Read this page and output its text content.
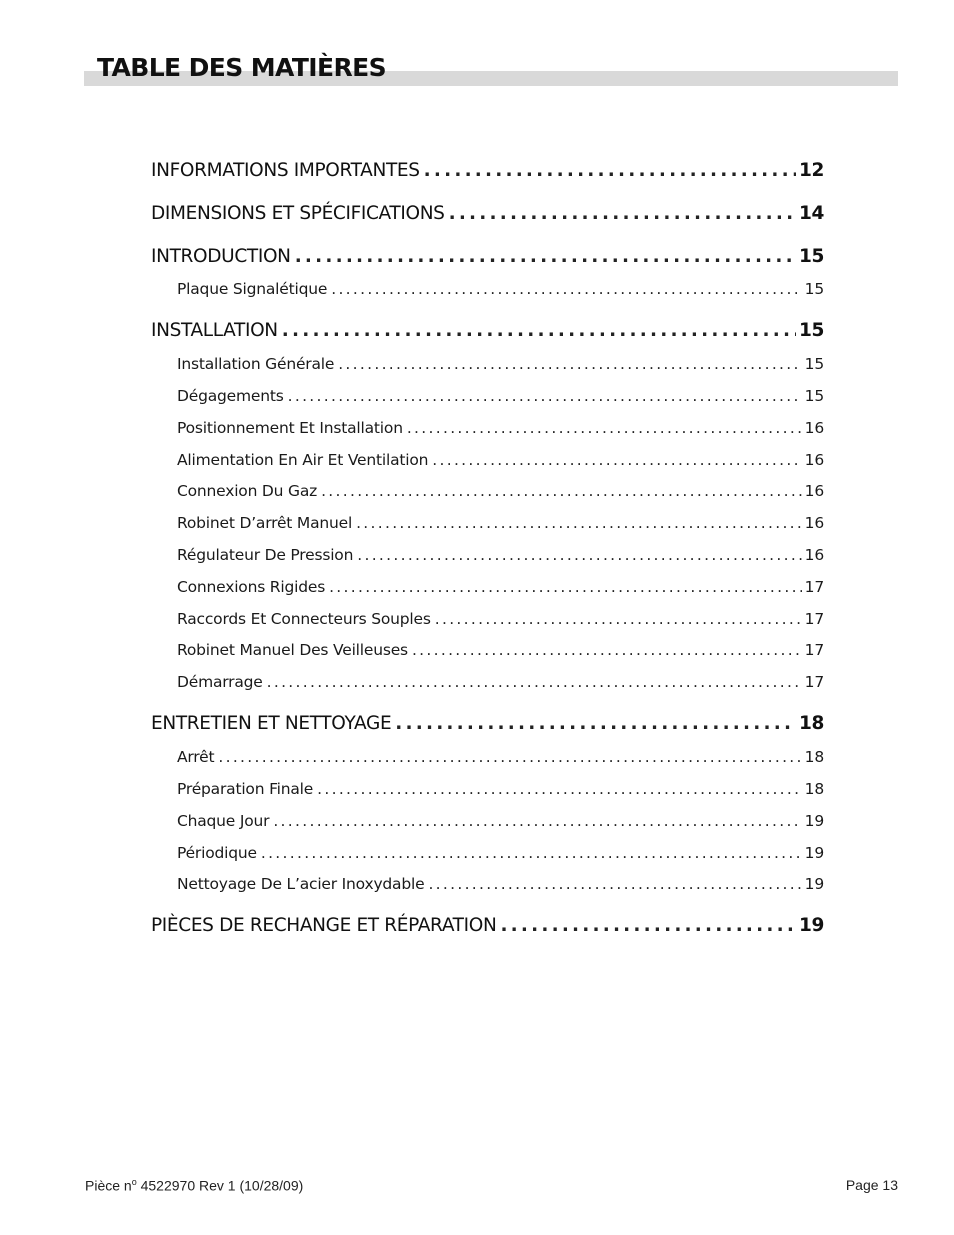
TABLE DES MATIÈRES
INFORMATIONS IMPORTANTES .....	12
DIMENSIONS ET SPÉCIFICATIONS .....	14
INTRODUCTION .....	15
Plaque Signalétique .....	15
INSTALLATION .....	15
Installation Générale .....	15
Dégagements .....	15
Positionnement Et Installation .....	16
Alimentation En Air Et Ventilation .....	16
Connexion Du Gaz .....	16
Robinet D’arrêt Manuel .....	16
Régulateur De Pression .....	16
Connexions Rigides .....	17
Raccords Et Connecteurs Souples .....	17
Robinet Manuel Des Veilleuses .....	17
Démarrage .....	17
ENTRETIEN ET NETTOYAGE .....	18
Arrêt .....	18
Préparation Finale .....	18
Chaque Jour .....	19
Périodique .....	19
Nettoyage De L’acier Inoxydable .....	19
PIÈCES DE RECHANGE ET RÉPARATION .....	19
Pièce $n^o$ 4522970 Rev 1 (10/28/09)	Page 13
